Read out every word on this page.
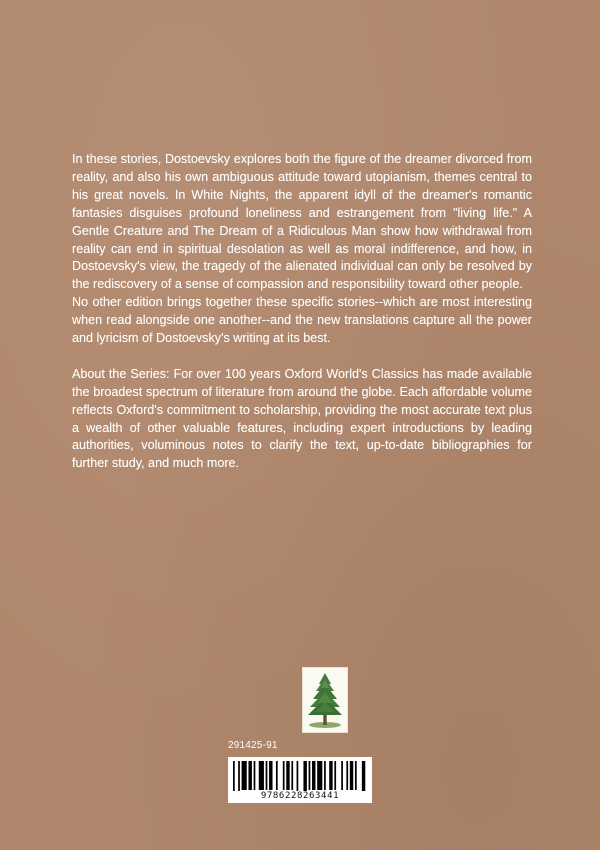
In these stories, Dostoevsky explores both the figure of the dreamer divorced from reality, and also his own ambiguous attitude toward utopianism, themes central to his great novels. In White Nights, the apparent idyll of the dreamer's romantic fantasies disguises profound loneliness and estrangement from "living life." A Gentle Creature and The Dream of a Ridiculous Man show how withdrawal from reality can end in spiritual desolation as well as moral indifference, and how, in Dostoevsky's view, the tragedy of the alienated individual can only be resolved by the rediscovery of a sense of compassion and responsibility toward other people.

No other edition brings together these specific stories--which are most interesting when read alongside one another--and the new translations capture all the power and lyricism of Dostoevsky's writing at its best.

About the Series: For over 100 years Oxford World's Classics has made available the broadest spectrum of literature from around the globe. Each affordable volume reflects Oxford's commitment to scholarship, providing the most accurate text plus a wealth of other valuable features, including expert introductions by leading authorities, voluminous notes to clarify the text, up-to-date bibliographies for further study, and much more.

291425-91
9786228263441
